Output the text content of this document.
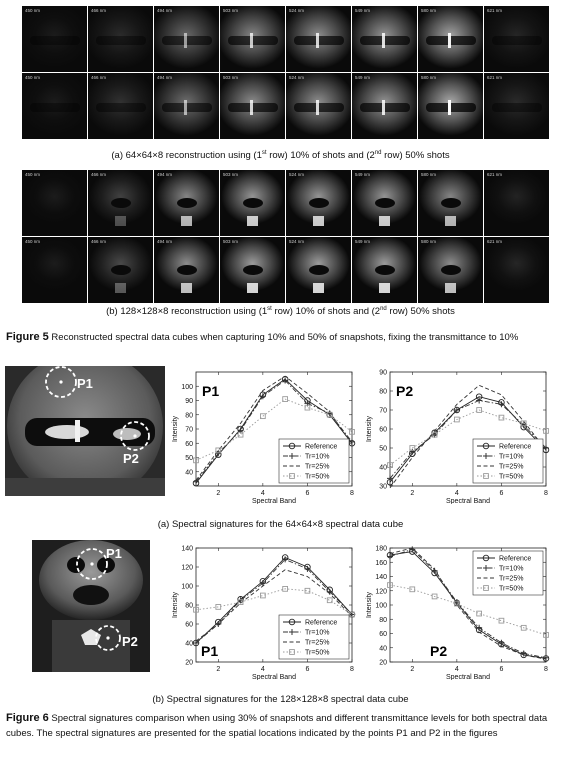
450 nm	466 nm	494 nm	503 nm	524 nm	549 nm	580 nm	621 nm
450 nm	466 nm	494 nm	503 nm	524 nm	549 nm	580 nm	621 nm
(a) 64×64×8 reconstruction using (1st row) 10% of shots and (2nd row) 50% shots
450 nm	466 nm	494 nm	503 nm	524 nm	549 nm	580 nm	621 nm
450 nm	466 nm	494 nm	503 nm	524 nm	549 nm	580 nm	621 nm
(b) 128×128×8 reconstruction using (1st row) 10% of shots and (2nd row) 50% shots
Figure 5 Reconstructed spectral data cubes when capturing 10% and 50% of snapshots, fixing the transmittance to 10%
P1
P2
40
50
60
70
80
90
100
2	4	6	8
Spectral Band
Intensity
P1
Reference
Tr=10%
Tr=25%
Tr=50%
30
40
50
60
70
80
90
2	4	6	8
Spectral Band
Intensity
P2
Reference
Tr=10%
Tr=25%
Tr=50%
(a) Spectral signatures for the 64×64×8 spectral data cube
P1
P2
20
40
60
80
100
120
140
2	4	6	8
Spectral Band
Intensity
P1
Reference
Tr=10%
Tr=25%
Tr=50%
20
40
60
80
100
120
140
160
180
2	4	6	8
Spectral Band
Intensity
P2
Reference
Tr=10%
Tr=25%
Tr=50%
(b) Spectral signatures for the 128×128×8 spectral data cube
Figure 6 Spectral signatures comparison when using 30% of snapshots and different transmittance levels for both spectral data cubes. The spectral signatures are presented for the spatial locations indicated by the points P1 and P2 in the figures
